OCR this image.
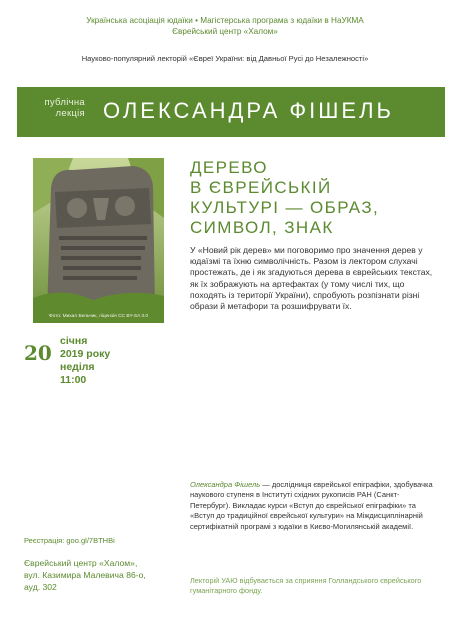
Українська асоціація юдаїки • Магістерська програма з юдаїки в НаУКМА
Єврейський центр «Халом»
Науково-популярний лекторій «Євреї України: від Давньої Русі до Незалежності»
публічна
лекція ОЛЕКСАНДРА ФІШЕЛЬ
Фото: Михал Бельчик, ліцензія CC BY-SA 3.0
ДЕРЕВО
В ЄВРЕЙСЬКІЙ
КУЛЬТУРІ — ОБРАЗ,
СИМВОЛ, ЗНАК
20 січня
2019 року
неділя
11:00
У «Новий рік дерев» ми поговоримо про значення дерев у юдаїзмі та їхню символічність. Разом із лектором слухачі простежать, де і як згадуються дерева в єврейських текстах, як їх зображують на артефактах (у тому числі тих, що походять із території України), спробують розпізнати різні образи й метафори та розшифрувати їх.
Олександра Фішель — дослідниця єврейської епіграфіки, здобувачка наукового ступеня в Інституті східних рукописів РАН (Санкт-Петербург). Викладає курси «Вступ до єврейської епіграфіки» та «Вступ до традиційної єврейської культури» на Міждисциплінарній сертифікатній програмі з юдаїки в Києво-Могилянській академії.
Реєстрація: goo.gl/7BTHBi
Єврейський центр «Халом»,
вул. Казимира Малевича 86-о,
ауд. 302
Лекторій УАЮ відбувається за сприяння Голландського єврейського гуманітарного фонду.
